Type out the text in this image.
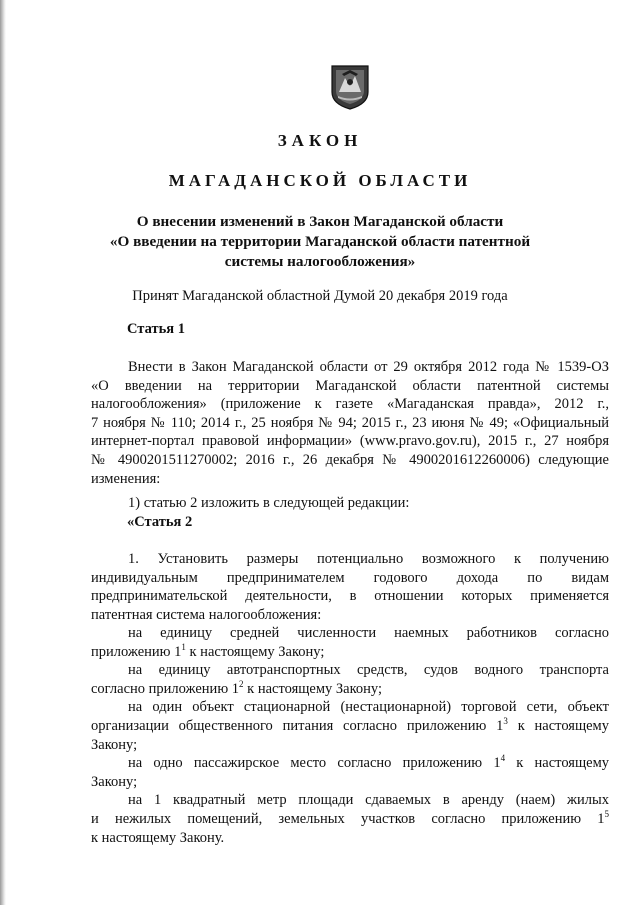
ЗАКОН
МАГАДАНСКОЙ ОБЛАСТИ
О внесении изменений в Закон Магаданской области
«О введении на территории Магаданской области патентной
системы налогообложения»
Принят Магаданской областной Думой 20 декабря 2019 года
Статья 1

Внести в Закон Магаданской области от 29 октября 2012 года № 1539-ОЗ

«О введении на территории Магаданской области патентной системы

налогообложения» (приложение к газете «Магаданская правда», 2012 г.,

7 ноября № 110; 2014 г., 25 ноября № 94; 2015 г., 23 июня № 49; «Официальный

интернет-портал правовой информации» (www.pravo.gov.ru), 2015 г., 27 ноября

№ 4900201511270002; 2016 г., 26 декабря № 4900201612260006) следующие

изменения:

1) статью 2 изложить в следующей редакции:
«Статья 2

1. Установить размеры потенциально возможного к получению

индивидуальным предпринимателем годового дохода по видам

предпринимательской деятельности, в отношении которых применяется

патентная система налогообложения:

на единицу средней численности наемных работников согласно

приложению $1^1$ к настоящему Закону;

на единицу автотранспортных средств, судов водного транспорта

согласно приложению $1^2$ к настоящему Закону;

на один объект стационарной (нестационарной) торговой сети, объект

организации общественного питания согласно приложению $1^3$ к настоящему

Закону;

на одно пассажирское место согласно приложению $1^4$ к настоящему

Закону;

на 1 квадратный метр площади сдаваемых в аренду (наем) жилых

и нежилых помещений, земельных участков согласно приложению $1^5$

к настоящему Закону.
